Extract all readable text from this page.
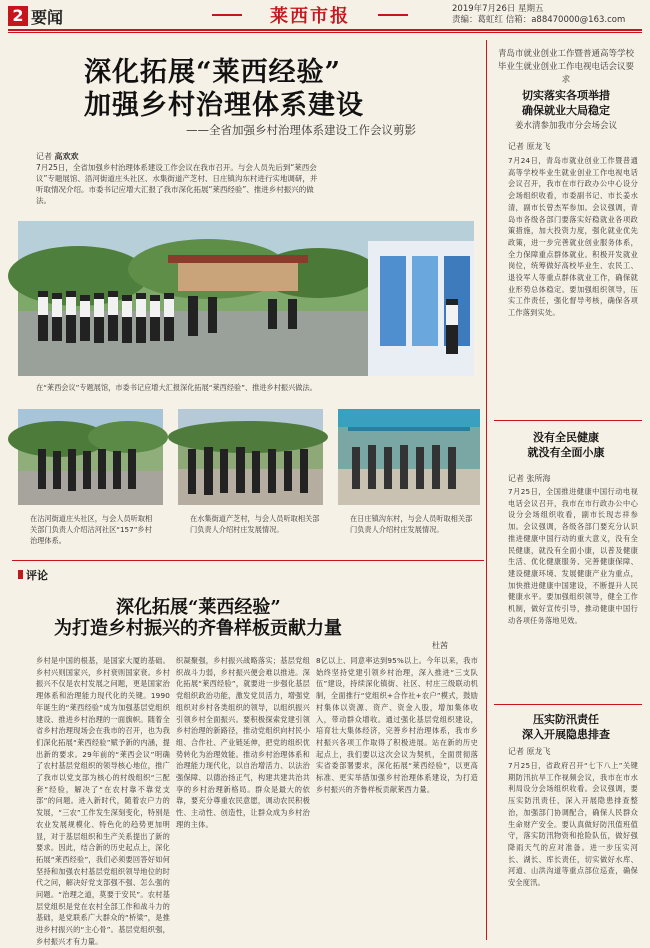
2 要闻	莱西市报	2019年7月26日 星期五
责编：葛虹红 信箱：a88470000@163.com
深化拓展“莱西经验”
加强乡村治理体系建设
——全省加强乡村治理体系建设工作会议剪影
记者 高欢欢
7月25日，全省加强乡村治理体系建设工作会议在我市召开。与会人员先后到“莱西会议”专题展馆、浯河街道庄头社区、水集街道产芝村、日庄镇沟东村进行实地调研，并听取情况介绍。市委书记应增大汇报了我市深化拓展“莱西经验”、推进乡村振兴的做法。
在“莱西会议”专题展馆，市委书记应增大汇报深化拓展“莱西经验”、推进乡村振兴做法。
在沽河街道庄头社区，与会人员听取相关部门负责人介绍沽河社区“157”乡村治理体系。
在水集街道产芝村，与会人员听取相关部门负责人介绍村庄发展情况。
在日庄镇沟东村，与会人员听取相关部门负责人介绍村庄发展情况。
评论
深化拓展“莱西经验”
为打造乡村振兴的齐鲁样板贡献力量
杜茜
乡村是中国的根基，是国家大厦的基础。乡村兴则国家兴，乡村衰则国家衰。乡村振兴不仅是农村发展之问题，更是国家治理体系和治理能力现代化的关键。1990年诞生的“莱西经验”成为加强基层党组织建设、推进乡村治理的一面旗帜。随着全省乡村治理现场会在我市的召开，也为我们深化拓展“莱西经验”赋予新的内涵，提出新的要求。29年前的“莱西会议”明确了农村基层党组织的领导核心地位，推广了我市以党支部为核心的村级组织“三配套”经验，解决了“在农村靠不靠党支部”的问题。进入新时代，随着农户力的发展，“三农”工作发生深刻变化，特别是农业发展规模化、特色化的趋势更加明显，对于基层组织和生产关系提出了新的要求。因此，结合新的历史起点上，深化拓展“莱西经验”，我们必须要回答好如何坚持和加强农村基层党组织领导地位的时代之问，解决好党支部强不强、怎么强的问题。“治理之道，莫要于安民”。农村基层党组织是党在农村全部工作和战斗力的基础，是党联系广大群众的“桥梁”，是推进乡村振兴的“主心骨”。基层党组织强，乡村振兴才有力量。
织凝聚强，乡村振兴战略落实；基层党组织战斗力弱，乡村振兴便会难以推进。深化拓展“莱西经验”，就要进一步强化基层党组织政治功能，激发党员活力，增强党组织对乡村各类组织的领导，以组织振兴引领乡村全面振兴。要积极探索党建引领乡村治理的新路径，推动党组织向村民小组、合作社、产业链延伸，把党的组织优势转化为治理效能。推动乡村治理体系和治理能力现代化，以自治增活力、以法治强保障、以德治扬正气，构建共建共治共享的乡村治理新格局。群众是最大的依靠，要充分尊重农民意愿，调动农民积极性、主动性、创造性，让群众成为乡村治理的主体。
8亿以上、同意率达到95%以上。今年以来，我市始终坚持党建引领乡村治理，深入推进“三支队伍”建设，持续深化镇街、社区、村庄三级联动机制，全面推行“党组织+合作社+农户”模式，鼓励村集体以资源、资产、资金入股，增加集体收入，带动群众增收。通过强化基层党组织建设，培育壮大集体经济，完善乡村治理体系，我市乡村振兴各项工作取得了积极进展。站在新的历史起点上，我们要以这次会议为契机，全面贯彻落实省委部署要求，深化拓展“莱西经验”，以更高标准、更实举措加强乡村治理体系建设，为打造乡村振兴的齐鲁样板贡献莱西力量。
青岛市就业创业工作暨普通高等学校毕业生就业创业工作电视电话会议要求
切实落实各项举措
确保就业大局稳定
姜水清参加我市分会场会议
记者 原龙飞
7月24日，青岛市就业创业工作暨普通高等学校毕业生就业创业工作电视电话会议召开，我市在市行政办公中心设分会场组织收看，市委副书记、市长姜水清，副市长曾杰军参加。会议强调，青岛市各级各部门要落实好稳就业各项政策措施，加大投资力度，强化就业优先政策，进一步完善就业创业服务体系，全力保障重点群体就业。积极开发就业岗位，统筹做好高校毕业生、农民工、退役军人等重点群体就业工作，确保就业形势总体稳定。要加强组织领导，压实工作责任，强化督导考核，确保各项工作落到实处。
没有全民健康
就没有全面小康
记者 张所海
7月25日，全国推进健康中国行动电视电话会议召开，我市在市行政办公中心设分会场组织收看，副市长现志祥参加。会议强调，各级各部门要充分认识推进健康中国行动的重大意义，没有全民健康，就没有全面小康，以普及健康生活、优化健康服务、完善健康保障、建设健康环境、发展健康产业为重点，加快推进健康中国建设，不断提升人民健康水平。要加强组织领导，健全工作机制，做好宣传引导，推动健康中国行动各项任务落地见效。
压实防汛责任
深入开展隐患排查
记者 原龙飞
7月25日，省政府召开“七下八上”关键期防汛抗旱工作视频会议，我市在市水利局设分会场组织收看。会议强调，要压实防汛责任，深入开展隐患排查整治，加强部门协调配合，确保人民群众生命财产安全。要认真做好防汛值班值守，落实防汛物资和抢险队伍，做好强降雨天气的应对准备。进一步压实河长、湖长、库长责任，切实做好水库、河道、山洪沟道等重点部位巡查，确保安全度汛。
